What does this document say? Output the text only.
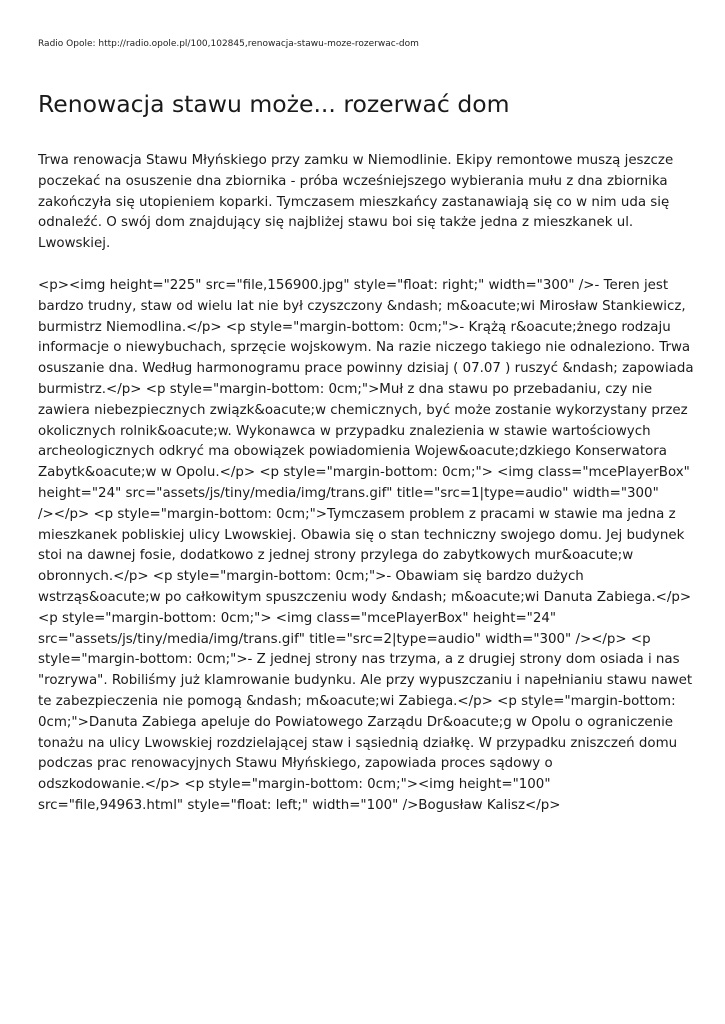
Radio Opole: http://radio.opole.pl/100,102845,renowacja-stawu-moze-rozerwac-dom
Renowacja stawu może... rozerwać dom
Trwa renowacja Stawu Młyńskiego przy zamku w Niemodlinie. Ekipy remontowe muszą jeszcze
poczekać na osuszenie dna zbiornika - próba wcześniejszego wybierania mułu z dna zbiornika
zakończyła się utopieniem koparki. Tymczasem mieszkańcy zastanawiają się co w nim uda się
odnaleźć. O swój dom znajdujący się najbliżej stawu boi się także jedna z mieszkanek ul.
Lwowskiej.
<p><img height="225" src="file,156900.jpg" style="float: right;" width="300" />- Teren jest
bardzo trudny, staw od wielu lat nie był czyszczony &ndash; m&oacute;wi Mirosław Stankiewicz,
burmistrz Niemodlina.</p> <p style="margin-bottom: 0cm;">- Krążą r&oacute;żnego rodzaju
informacje o niewybuchach, sprzęcie wojskowym. Na razie niczego takiego nie odnaleziono. Trwa
osuszanie dna. Według harmonogramu prace powinny dzisiaj ( 07.07 ) ruszyć &ndash; zapowiada
burmistrz.</p> <p style="margin-bottom: 0cm;">Muł z dna stawu po przebadaniu, czy nie
zawiera niebezpiecznych związk&oacute;w chemicznych, być może zostanie wykorzystany przez
okolicznych rolnik&oacute;w. Wykonawca w przypadku znalezienia w stawie wartościowych
archeologicznych odkryć ma obowiązek powiadomienia Wojew&oacute;dzkiego Konserwatora
Zabytk&oacute;w w Opolu.</p> <p style="margin-bottom: 0cm;"> <img class="mcePlayerBox"
height="24" src="assets/js/tiny/media/img/trans.gif" title="src=1|type=audio" width="300"
/></p> <p style="margin-bottom: 0cm;">Tymczasem problem z pracami w stawie ma jedna z
mieszkanek pobliskiej ulicy Lwowskiej. Obawia się o stan techniczny swojego domu. Jej budynek
stoi na dawnej fosie, dodatkowo z jednej strony przylega do zabytkowych mur&oacute;w
obronnych.</p> <p style="margin-bottom: 0cm;">- Obawiam się bardzo dużych
wstrząs&oacute;w po całkowitym spuszczeniu wody &ndash; m&oacute;wi Danuta Zabiega.</p>
<p style="margin-bottom: 0cm;"> <img class="mcePlayerBox" height="24"
src="assets/js/tiny/media/img/trans.gif" title="src=2|type=audio" width="300" /></p> <p
style="margin-bottom: 0cm;">- Z jednej strony nas trzyma, a z drugiej strony dom osiada i nas
"rozrywa". Robiliśmy już klamrowanie budynku. Ale przy wypuszczaniu i napełnianiu stawu nawet
te zabezpieczenia nie pomogą &ndash; m&oacute;wi Zabiega.</p> <p style="margin-bottom:
0cm;">Danuta Zabiega apeluje do Powiatowego Zarządu Dr&oacute;g w Opolu o ograniczenie
tonażu na ulicy Lwowskiej rozdzielającej staw i sąsiednią działkę. W przypadku zniszczeń domu
podczas prac renowacyjnych Stawu Młyńskiego, zapowiada proces sądowy o
odszkodowanie.</p> <p style="margin-bottom: 0cm;"><img height="100"
src="file,94963.html" style="float: left;" width="100" />Bogusław Kalisz</p>
